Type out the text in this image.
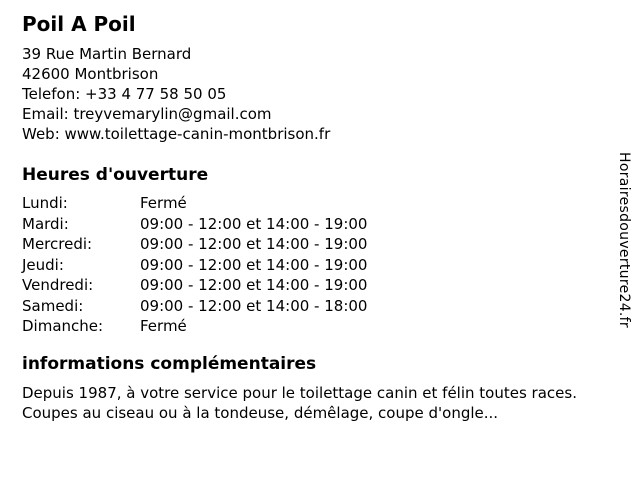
Poil A Poil
39 Rue Martin Bernard
42600 Montbrison
Telefon: +33 4 77 58 50 05
Email: treyvemarylin@gmail.com
Web: www.toilettage-canin-montbrison.fr
Heures d'ouverture
Lundi:	Fermé
Mardi:	09:00 - 12:00 et 14:00 - 19:00
Mercredi:	09:00 - 12:00 et 14:00 - 19:00
Jeudi:	09:00 - 12:00 et 14:00 - 19:00
Vendredi:	09:00 - 12:00 et 14:00 - 19:00
Samedi:	09:00 - 12:00 et 14:00 - 18:00
Dimanche:	Fermé
informations complémentaires

Depuis 1987, à votre service pour le toilettage canin et félin toutes races. Coupes au ciseau ou à la tondeuse, démêlage, coupe d'ongle...

Horairesdouverture24.fr
